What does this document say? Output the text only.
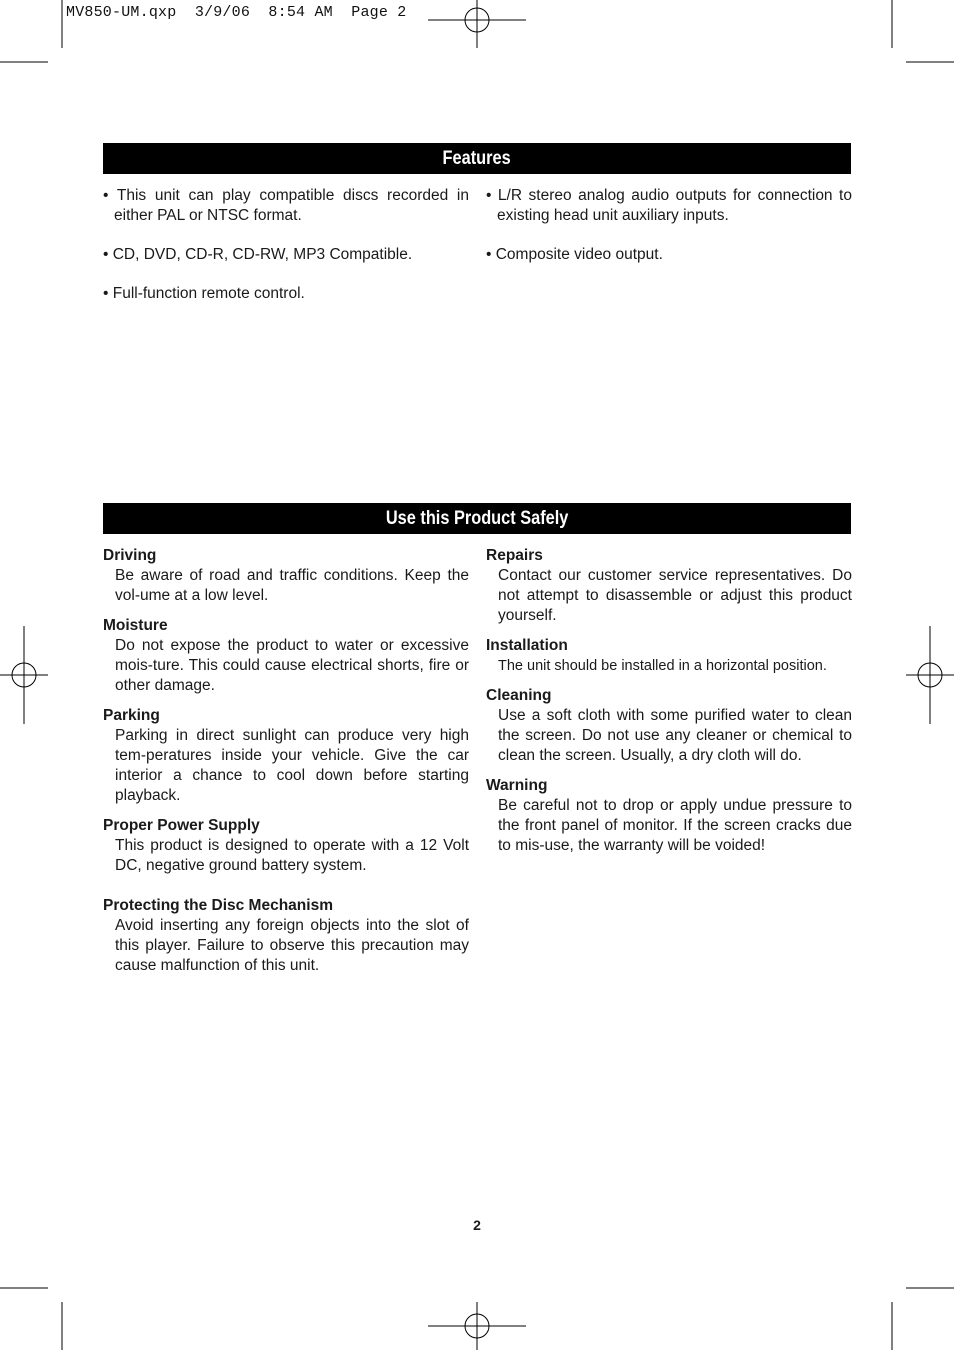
MV850-UM.qxp  3/9/06  8:54 AM  Page 2
Features

• This unit can play compatible discs recorded in either PAL or NTSC format.

• CD, DVD, CD-R, CD-RW, MP3 Compatible.

• Full-function remote control.

• L/R stereo analog audio outputs for connection to existing head unit auxiliary inputs.

• Composite video output.

Use this Product Safely
Driving
Be aware of road and traffic conditions. Keep the vol-ume at a low level.
Moisture
Do not expose the product to water or excessive mois-ture. This could cause electrical shorts, fire or other damage.
Parking
Parking in direct sunlight can produce very high tem-peratures inside your vehicle. Give the car interior a chance to cool down before starting playback.
Proper Power Supply
This product is designed to operate with a 12 Volt DC, negative ground battery system.
Protecting the Disc Mechanism
Avoid inserting any foreign objects into the slot of this player. Failure to observe this precaution may cause malfunction of this unit.
Repairs
Contact our customer service representatives. Do not attempt to disassemble or adjust this product yourself.
Installation
The unit should be installed in a horizontal position.
Cleaning
Use a soft cloth with some purified water to clean the screen. Do not use any cleaner or chemical to clean the screen. Usually, a dry cloth will do.
Warning
Be careful not to drop or apply undue pressure to the front panel of monitor. If the screen cracks due to mis-use, the warranty will be voided!
2
